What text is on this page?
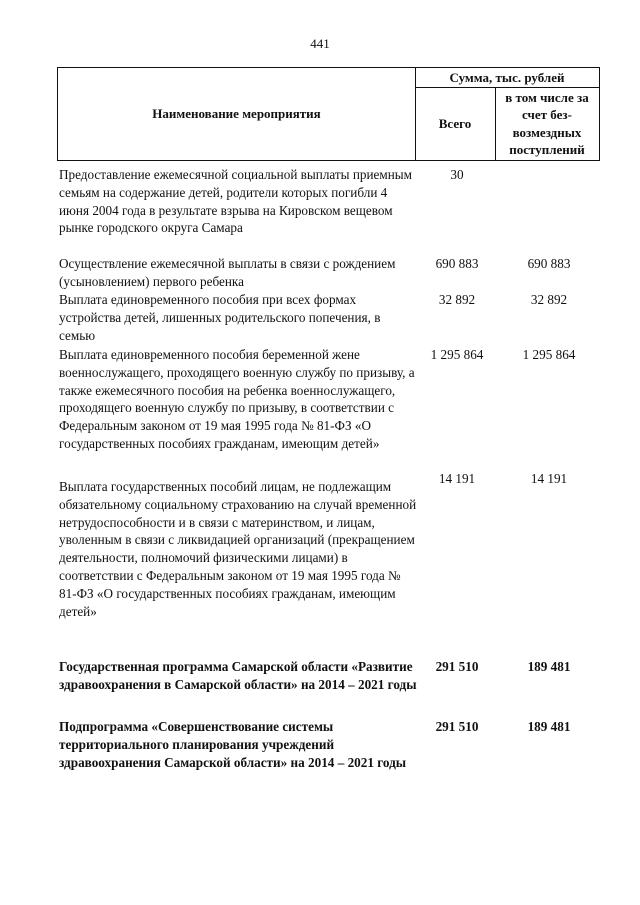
441
Наименование мероприятия
Сумма, тыс. рублей
Всего
в том числе за счет без-возмездных поступлений
Предоставление ежемесячной социальной выплаты приемным семьям на содержание детей, родители которых погибли 4 июня 2004 года в результате взрыва на Кировском вещевом рынке городского округа Самара
30
Осуществление ежемесячной выплаты в связи с рождением (усыновлением) первого ребенка
690 883	690 883
Выплата единовременного пособия при всех формах устройства детей, лишенных родительского попечения, в семью
32 892	32 892
Выплата единовременного пособия беременной жене военнослужащего, проходящего военную службу по призыву, а также ежемесячного пособия на ребенка военнослужащего, проходящего военную службу по призыву, в соответствии с Федеральным законом от 19 мая 1995 года № 81-ФЗ «О государственных пособиях гражданам, имеющим детей»
1 295 864	1 295 864
Выплата государственных пособий лицам, не подлежащим обязательному социальному страхованию на случай временной нетрудоспособности и в связи с материнством, и лицам, уволенным в связи с ликвидацией организаций (прекращением деятельности, полномочий физическими лицами) в соответствии с Федеральным законом от 19 мая 1995 года № 81-ФЗ «О государственных пособиях гражданам, имеющим детей»
14 191	14 191
Государственная программа Самарской области «Развитие здравоохранения в Самарской области» на 2014 – 2021 годы
291 510	189 481
Подпрограмма «Совершенствование системы территориального планирования учреждений здравоохранения Самарской области» на 2014 – 2021 годы
291 510	189 481
